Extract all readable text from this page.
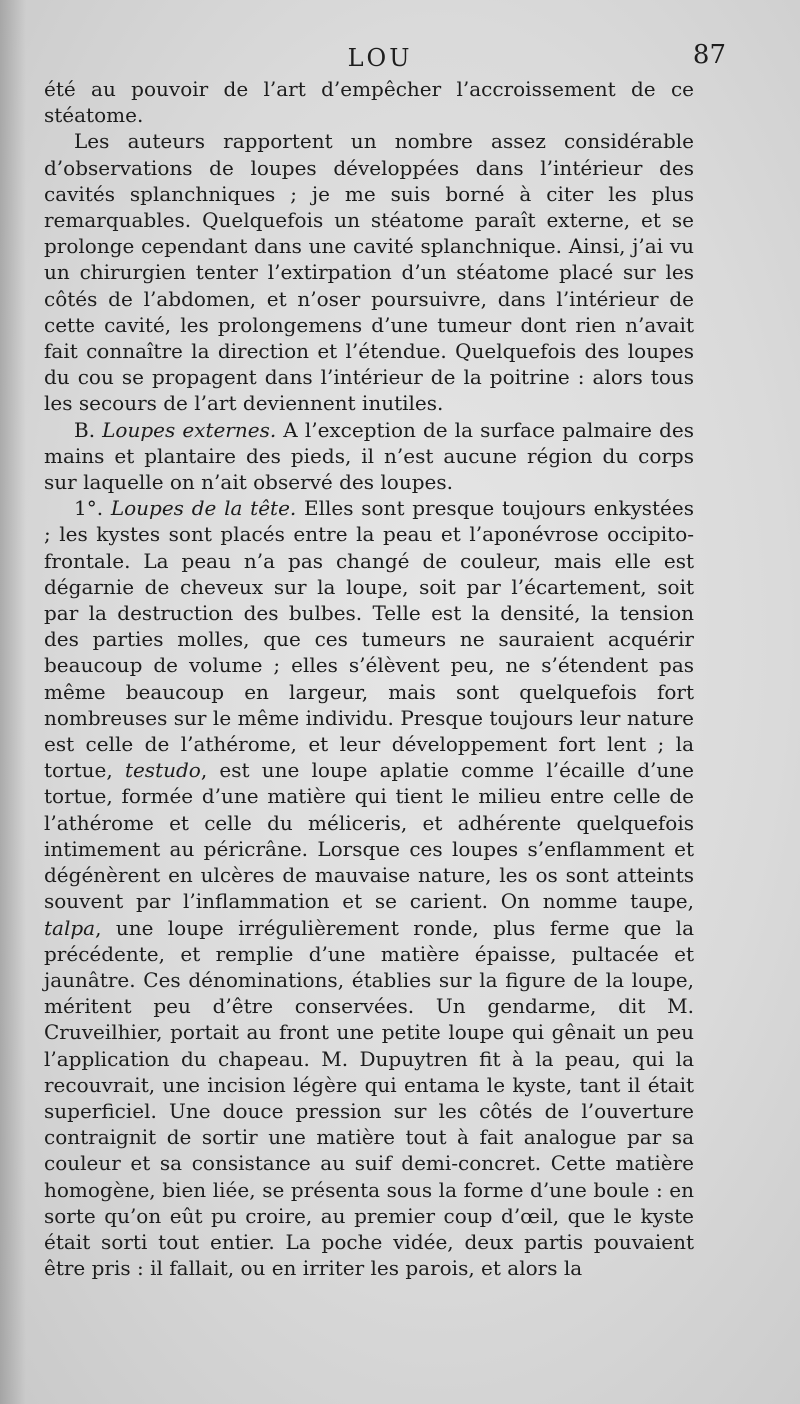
LOU	87

été au pouvoir de l’art d’empêcher l’accroissement de ce stéatome.

Les auteurs rapportent un nombre assez considérable d’observations de loupes développées dans l’intérieur des cavités splanchniques ; je me suis borné à citer les plus remarquables. Quelquefois un stéatome paraît externe, et se prolonge cependant dans une cavité splanchnique. Ainsi, j’ai vu un chirurgien tenter l’extirpation d’un stéatome placé sur les côtés de l’abdomen, et n’oser poursuivre, dans l’intérieur de cette cavité, les prolongemens d’une tumeur dont rien n’avait fait connaître la direction et l’étendue. Quelquefois des loupes du cou se propagent dans l’intérieur de la poitrine : alors tous les secours de l’art deviennent inutiles.

B. Loupes externes. A l’exception de la surface palmaire des mains et plantaire des pieds, il n’est aucune région du corps sur laquelle on n’ait observé des loupes.

1°. Loupes de la tête. Elles sont presque toujours enkystées ; les kystes sont placés entre la peau et l’aponévrose occipito-frontale. La peau n’a pas changé de couleur, mais elle est dégarnie de cheveux sur la loupe, soit par l’écartement, soit par la destruction des bulbes. Telle est la densité, la tension des parties molles, que ces tumeurs ne sauraient acquérir beaucoup de volume ; elles s’élèvent peu, ne s’étendent pas même beaucoup en largeur, mais sont quelquefois fort nombreuses sur le même individu. Presque toujours leur nature est celle de l’athérome, et leur développement fort lent ; la tortue, testudo, est une loupe aplatie comme l’écaille d’une tortue, formée d’une matière qui tient le milieu entre celle de l’athérome et celle du méliceris, et adhérente quelquefois intimement au péricrâne. Lorsque ces loupes s’enflamment et dégénèrent en ulcères de mauvaise nature, les os sont atteints souvent par l’inflammation et se carient. On nomme taupe, talpa, une loupe irrégulièrement ronde, plus ferme que la précédente, et remplie d’une matière épaisse, pultacée et jaunâtre. Ces dénominations, établies sur la figure de la loupe, méritent peu d’être conservées. Un gendarme, dit M. Cruveilhier, portait au front une petite loupe qui gênait un peu l’application du chapeau. M. Dupuytren fit à la peau, qui la recouvrait, une incision légère qui entama le kyste, tant il était superficiel. Une douce pression sur les côtés de l’ouverture contraignit de sortir une matière tout à fait analogue par sa couleur et sa consistance au suif demi-concret. Cette matière homogène, bien liée, se présenta sous la forme d’une boule : en sorte qu’on eût pu croire, au premier coup d’œil, que le kyste était sorti tout entier. La poche vidée, deux partis pouvaient être pris : il fallait, ou en irriter les parois, et alors la
